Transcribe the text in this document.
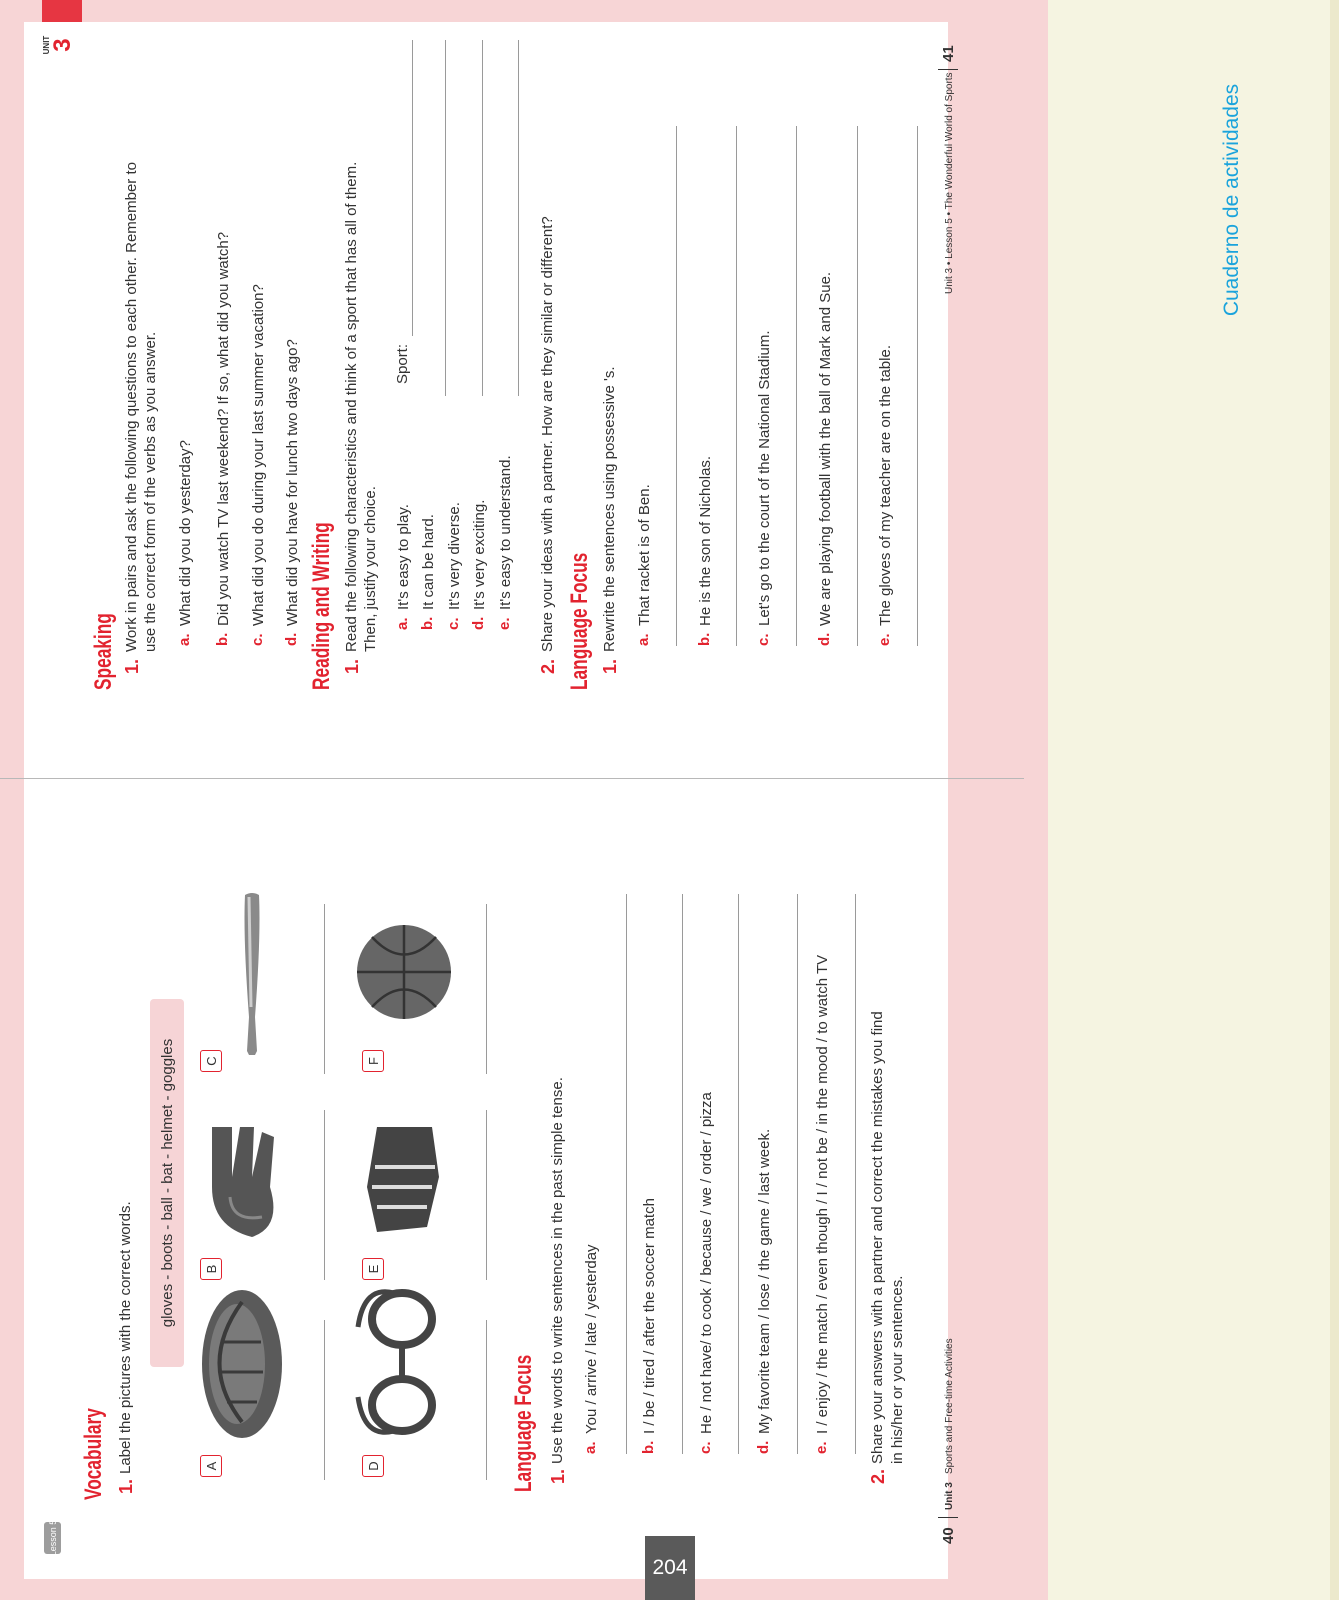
204
Cuaderno de actividades
Lesson 5
Vocabulary 1.
Label the pictures with the correct words.
gloves - boots - ball - bat - helmet - goggles
A
B
C
D
E
F
Language Focus 1.
Use the words to write sentences in the past simple tense. a.
You / arrive / late / yesterday
b.
I / be / tired / after the soccer match
c.
He / not have/ to cook / because / we / order / pizza
d.
My favorite team / lose / the game / last week.
e.
I / enjoy / the match / even though / I / not be / in the mood / to watch TV
2.
Share your answers with a partner and correct the mistakes you find in his/her or your sentences.
40
Unit 3
Sports and Free-time Activities
Speaking 1.
Work in pairs and ask the following questions to each other. Remember to use the correct form of the verbs as you answer. a.
What did you do yesterday?
b.
Did you watch TV last weekend? If so, what did you watch?
c.
What did you do during your last summer vacation?
d.
What did you have for lunch two days ago? Reading and Writing 1.
Read the following characteristics and think of a sport that has all of them. Then, justify your choice. a.
It's easy to play.
b.
It can be hard.
c.
It's very diverse.
d.
It's very exciting.
e.
It's easy to understand.
Sport:
2.
Share your ideas with a partner. How are they similar or different? Language Focus 1.
Rewrite the sentences using possessive 's. a.
That racket is of Ben.
b.
He is the son of Nicholas.
c.
Let's go to the court of the National Stadium.
d.
We are playing football with the ball of Mark and Sue.
e.
The gloves of my teacher are on the table.
Unit 3 • Lesson 5 • The Wonderful World of Sports
41
UNIT
3
